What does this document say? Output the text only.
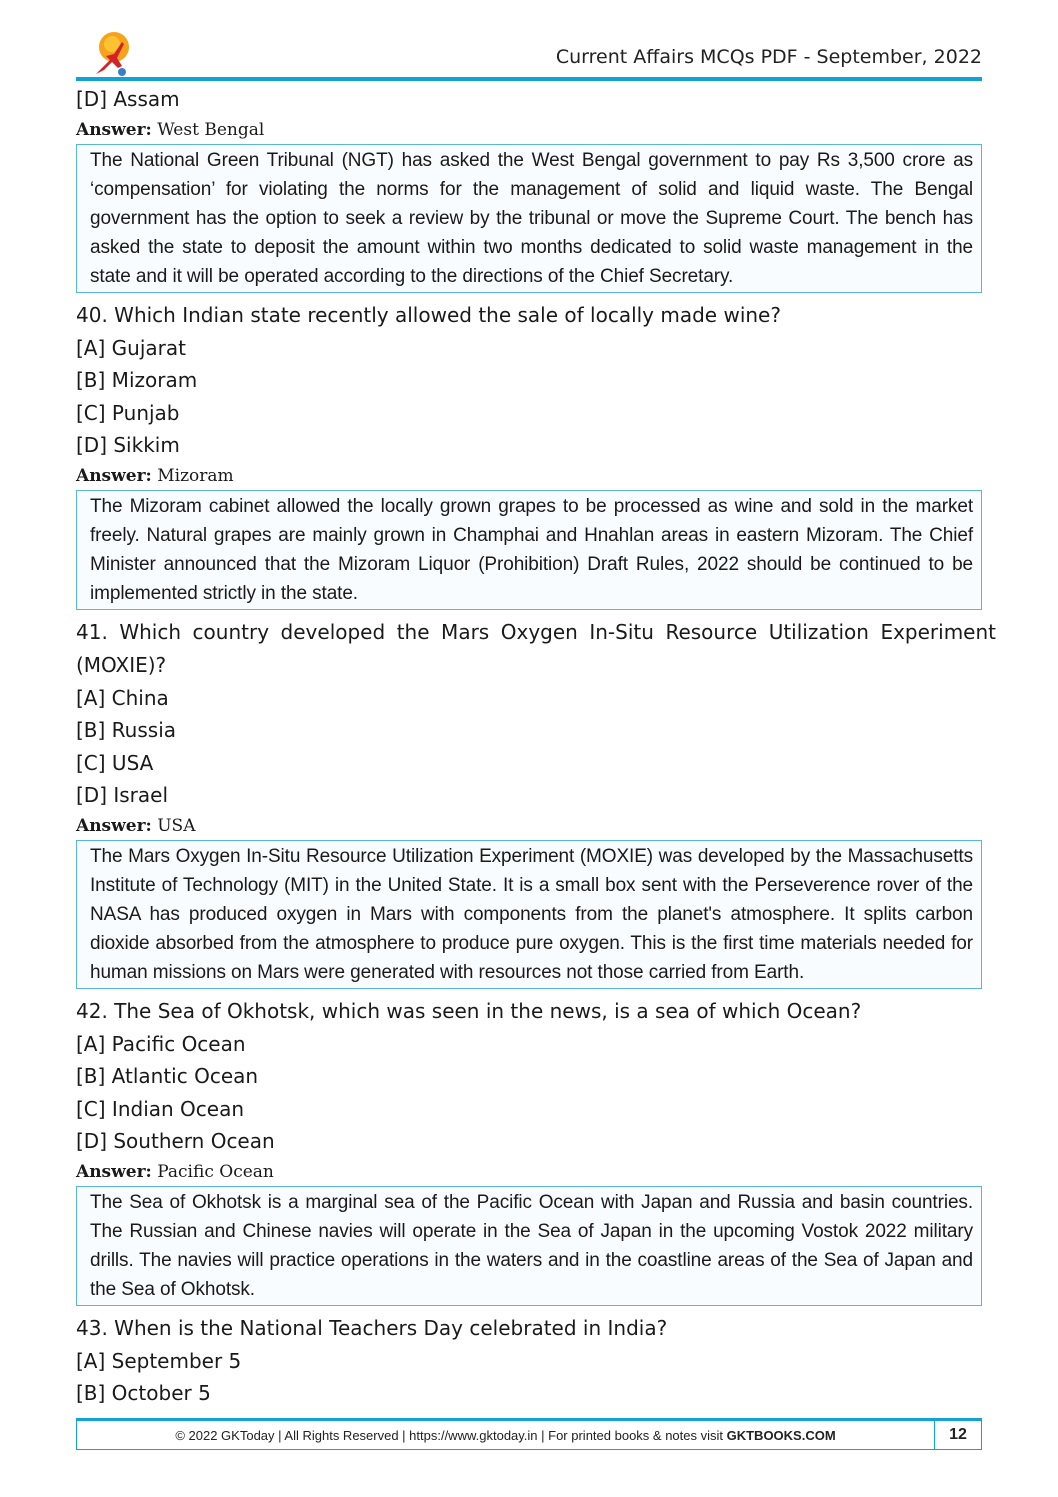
Current Affairs MCQs PDF - September, 2022
[D] Assam
Answer: West Bengal
The National Green Tribunal (NGT) has asked the West Bengal government to pay Rs 3,500 crore as ‘compensation’ for violating the norms for the management of solid and liquid waste. The Bengal government has the option to seek a review by the tribunal or move the Supreme Court. The bench has asked the state to deposit the amount within two months dedicated to solid waste management in the state and it will be operated according to the directions of the Chief Secretary.
40. Which Indian state recently allowed the sale of locally made wine?
[A] Gujarat
[B] Mizoram
[C] Punjab
[D] Sikkim
Answer: Mizoram
The Mizoram cabinet allowed the locally grown grapes to be processed as wine and sold in the market freely. Natural grapes are mainly grown in Champhai and Hnahlan areas in eastern Mizoram. The Chief Minister announced that the Mizoram Liquor (Prohibition) Draft Rules, 2022 should be continued to be implemented strictly in the state.
41. Which country developed the Mars Oxygen In-Situ Resource Utilization Experiment (MOXIE)?
[A] China
[B] Russia
[C] USA
[D] Israel
Answer: USA
The Mars Oxygen In-Situ Resource Utilization Experiment (MOXIE) was developed by the Massachusetts Institute of Technology (MIT) in the United State. It is a small box sent with the Perseverence rover of the NASA has produced oxygen in Mars with components from the planet's atmosphere. It splits carbon dioxide absorbed from the atmosphere to produce pure oxygen. This is the first time materials needed for human missions on Mars were generated with resources not those carried from Earth.
42. The Sea of Okhotsk, which was seen in the news, is a sea of which Ocean?
[A] Pacific Ocean
[B] Atlantic Ocean
[C] Indian Ocean
[D] Southern Ocean
Answer: Pacific Ocean
The Sea of Okhotsk is a marginal sea of the Pacific Ocean with Japan and Russia and basin countries. The Russian and Chinese navies will operate in the Sea of Japan in the upcoming Vostok 2022 military drills. The navies will practice operations in the waters and in the coastline areas of the Sea of Japan and the Sea of Okhotsk.
43. When is the National Teachers Day celebrated in India?
[A] September 5
[B] October 5
© 2022 GKToday | All Rights Reserved | https://www.gktoday.in | For printed books & notes visit GKTBOOKS.COM	12
